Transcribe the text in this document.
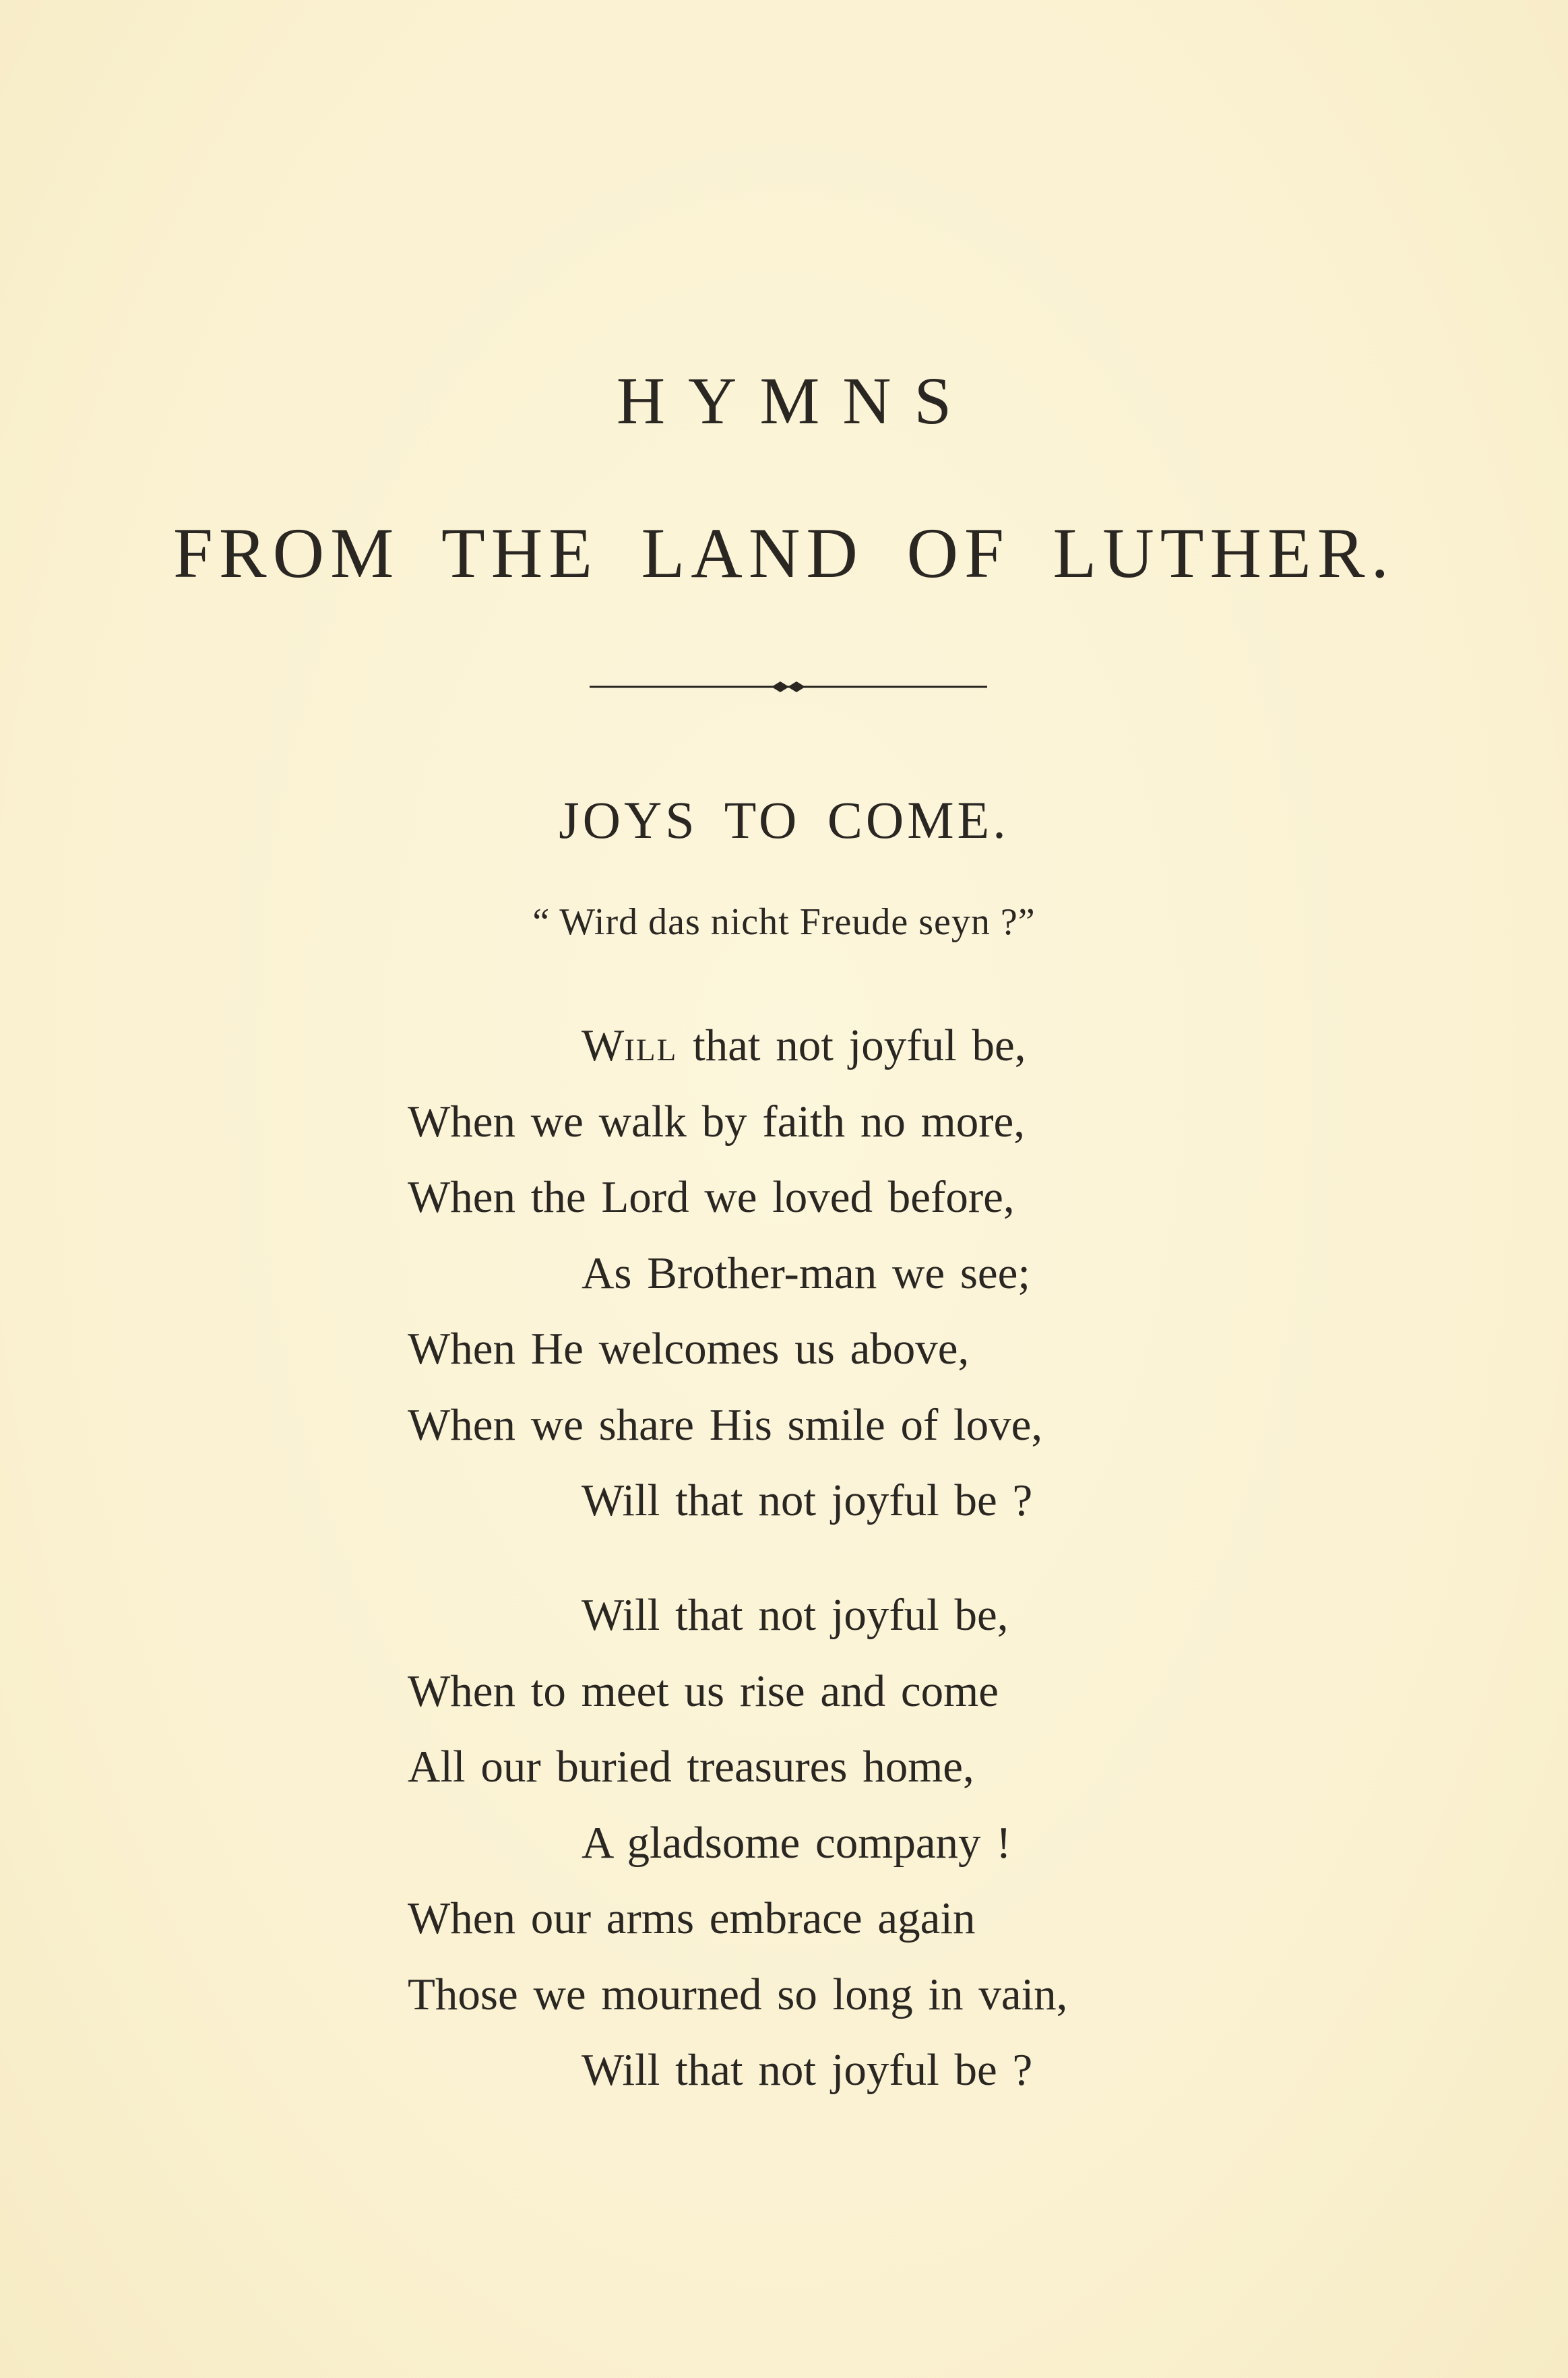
HYMNS
FROM THE LAND OF LUTHER.
JOYS TO COME.

“ Wird das nicht Freude seyn ?”

Will that not joyful be,
When we walk by faith no more,
When the Lord we loved before,
As Brother-man we see;
When He welcomes us above,
When we share His smile of love,
Will that not joyful be ?
Will that not joyful be,
When to meet us rise and come
All our buried treasures home,
A gladsome company !
When our arms embrace again
Those we mourned so long in vain,
Will that not joyful be ?
